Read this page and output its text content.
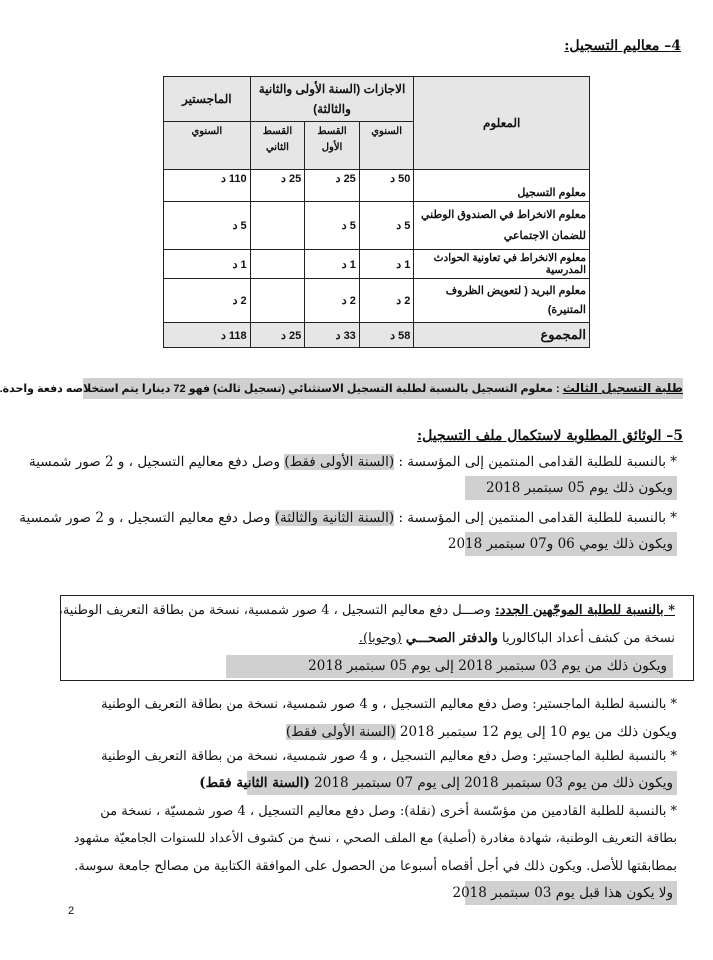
4– معاليم التسجيل:
المعلوم	الاجازات (السنة الأولى والثانية والثالثة)			الماجستير
	السنوي	القسط الأول	القسط الثاني	السنوي
معلوم التسجيل	50 د	25 د	25 د	110 د
معلوم الانخراط في الصندوق الوطني للضمان الاجتماعي	5 د	5 د		5 د
معلوم الانخراط في تعاونية الحوادث المدرسية	1 د	1 د		1 د
معلوم البريد ( لتعويض الظروف المتنيرة)	2 د	2 د		2 د
المجموع	58 د	33 د	25 د	118 د
طلبة التسجيل الثالث : معلوم التسجيل بالنسبة لطلبة التسجيل الاستثنائي (تسجيل ثالث) فهو 72 دينارا يتم استخلاصه دفعة واحدة.
5– الوثائق المطلوبة لاستكمال ملف التسجيل:
* بالنسبة للطلبة القدامى المنتمين إلى المؤسسة : (السنة الأولى فقط) وصل دفع معاليم التسجيل ، و 2 صور شمسية
ويكون ذلك يوم 05 سبتمبر 2018
* بالنسبة للطلبة القدامى المنتمين إلى المؤسسة : (السنة الثانية والثالثة) وصل دفع معاليم التسجيل ، و 2 صور شمسية
ويكون ذلك يومي 06 و07 سبتمبر 2018
* بالنسبة للطلبة الموجّهين الجدد: وصـــل دفع معاليم التسجيل ، 4 صور شمسية، نسخة من بطاقة التعريف الوطنية،
نسخة من كشف أعداد الباكالوريا والدفتر الصحـــي (وجوبا).
ويكون ذلك من يوم 03 سبتمبر 2018 إلى يوم 05 سبتمبر 2018
* بالنسبة لطلبة الماجستير: وصل دفع معاليم التسجيل ، و 4 صور شمسية، نسخة من بطاقة التعريف الوطنية
ويكون ذلك من يوم 10 إلى يوم 12 سبتمبر 2018 (السنة الأولى فقط)
* بالنسبة لطلبة الماجستير: وصل دفع معاليم التسجيل ، و 4 صور شمسية، نسخة من بطاقة التعريف الوطنية
ويكون ذلك من يوم 03 سبتمبر 2018 إلى يوم 07 سبتمبر 2018 (السنة الثانية فقط)
* بالنسبة للطلبة القادمين من مؤسّسة أخرى (نقلة): وصل دفع معاليم التسجيل ، 4 صور شمسيّة ، نسخة من
بطاقة التعريف الوطنية، شهادة مغادرة (أصلية) مع الملف الصحي ، نسخ من كشوف الأعداد للسنوات الجامعيّة مشهود
بمطابقتها للأصل. ويكون ذلك في أجل أقصاه أسبوعا من الحصول على الموافقة الكتابية من مصالح جامعة سوسة.
ولا يكون هذا قبل يوم 03 سبتمبر 2018
2
